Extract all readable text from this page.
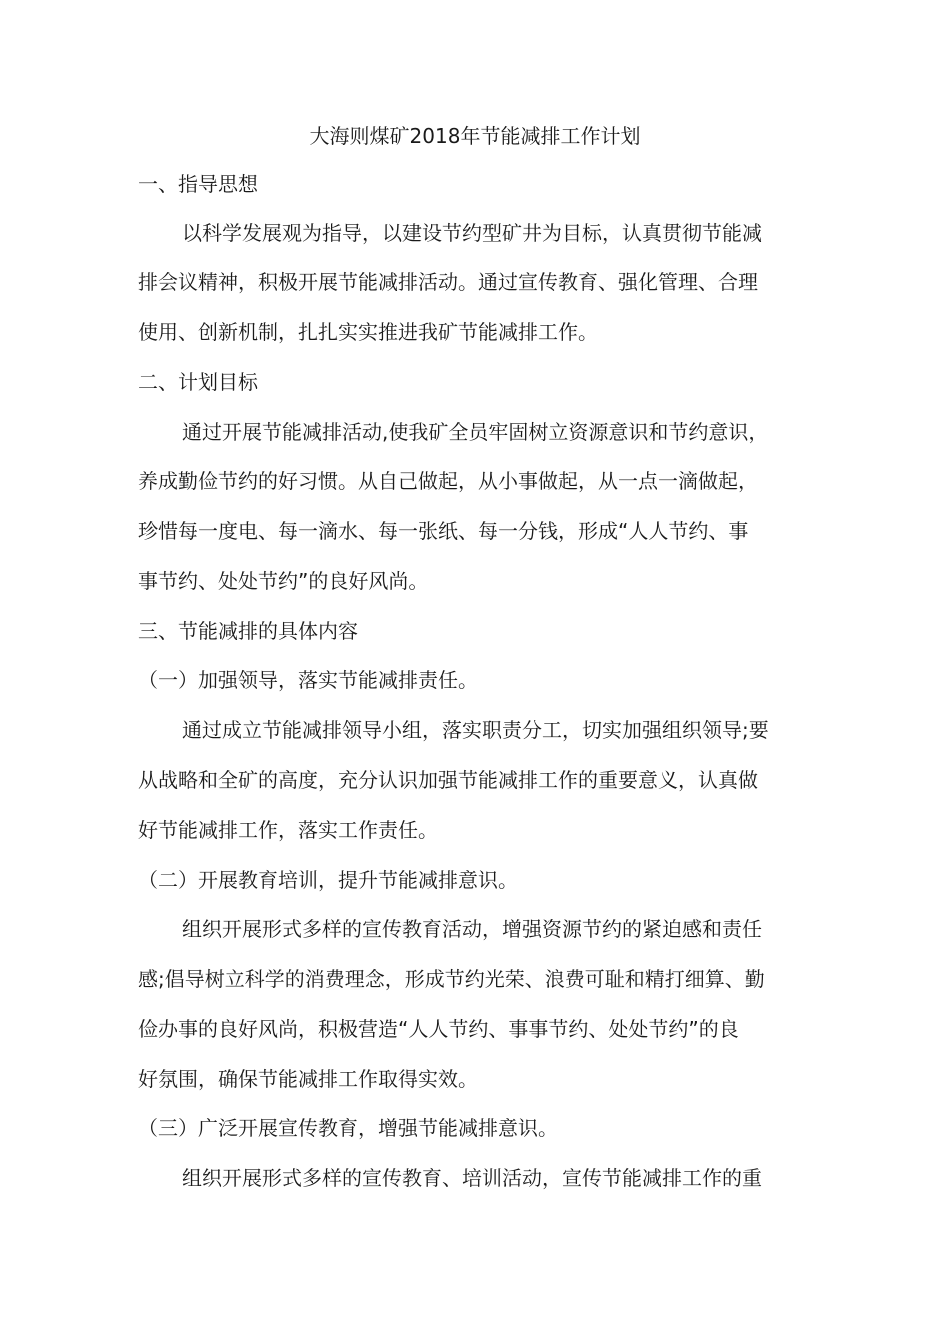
大海则煤矿2018年节能减排工作计划
一、指导思想
以科学发展观为指导，以建设节约型矿井为目标，认真贯彻节能减
排会议精神，积极开展节能减排活动。通过宣传教育、强化管理、合理
使用、创新机制，扎扎实实推进我矿节能减排工作。
二、计划目标
通过开展节能减排活动,使我矿全员牢固树立资源意识和节约意识，
养成勤俭节约的好习惯。从自己做起，从小事做起，从一点一滴做起，
珍惜每一度电、每一滴水、每一张纸、每一分钱，形成“人人节约、事
事节约、处处节约”的良好风尚。
三、节能减排的具体内容
（一）加强领导，落实节能减排责任。
通过成立节能减排领导小组，落实职责分工，切实加强组织领导;要
从战略和全矿的高度，充分认识加强节能减排工作的重要意义，认真做
好节能减排工作，落实工作责任。
（二）开展教育培训，提升节能减排意识。
组织开展形式多样的宣传教育活动，增强资源节约的紧迫感和责任
感;倡导树立科学的消费理念，形成节约光荣、浪费可耻和精打细算、勤
俭办事的良好风尚，积极营造“人人节约、事事节约、处处节约”的良
好氛围，确保节能减排工作取得实效。
（三）广泛开展宣传教育，增强节能减排意识。
组织开展形式多样的宣传教育、培训活动，宣传节能减排工作的重
